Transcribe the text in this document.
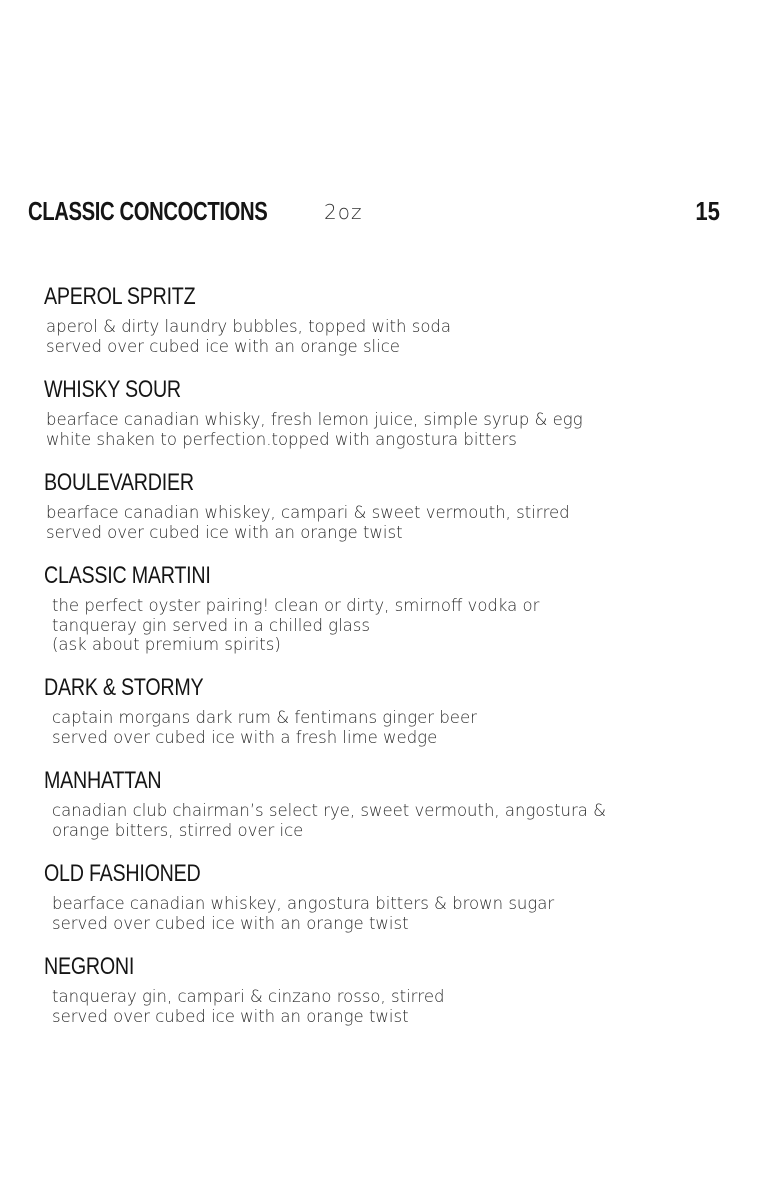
CLASSIC CONCOCTIONS	2oz	15
APEROL SPRITZ
aperol & dirty laundry bubbles, topped with soda
served over cubed ice with an orange slice
WHISKY SOUR
bearface canadian whisky, fresh lemon juice, simple syrup & egg
white shaken to perfection.topped with angostura bitters
BOULEVARDIER
bearface canadian whiskey, campari & sweet vermouth, stirred
served over cubed ice with an orange twist
CLASSIC MARTINI
the perfect oyster pairing! clean or dirty, smirnoff vodka or
tanqueray gin served in a chilled glass
(ask about premium spirits)
DARK & STORMY
captain morgans dark rum & fentimans ginger beer
served over cubed ice with a fresh lime wedge
MANHATTAN
canadian club chairman’s select rye, sweet vermouth, angostura &
orange bitters, stirred over ice
OLD FASHIONED
bearface canadian whiskey, angostura bitters & brown sugar
served over cubed ice with an orange twist
NEGRONI
tanqueray gin, campari & cinzano rosso, stirred
served over cubed ice with an orange twist
